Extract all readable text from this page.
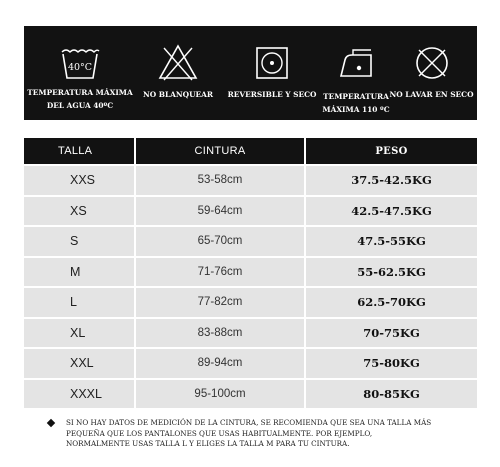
40°C
TEMPERATURA MÁXIMA
DEL AGUA 40ºC
NO BLANQUEAR	REVERSIBLE Y SECO TEMPERATURA
MÁXIMA 110 ºC
NO LAVAR EN SECO
TALLA	CINTURA	PESO
XXS	53-58cm	37.5-42.5KG
XS	59-64cm	42.5-47.5KG
S	65-70cm	47.5-55KG
M	71-76cm	55-62.5KG
L	77-82cm	62.5-70KG
XL	83-88cm	70-75KG
XXL	89-94cm	75-80KG
XXXL	95-100cm	80-85KG
SI NO HAY DATOS DE MEDICIÓN DE LA CINTURA, SE RECOMIENDA QUE SEA UNA TALLA MÁS
PEQUEÑA QUE LOS PANTALONES QUE USAS HABITUALMENTE. POR EJEMPLO,
NORMALMENTE USAS TALLA L Y ELIGES LA TALLA M PARA TU CINTURA.
